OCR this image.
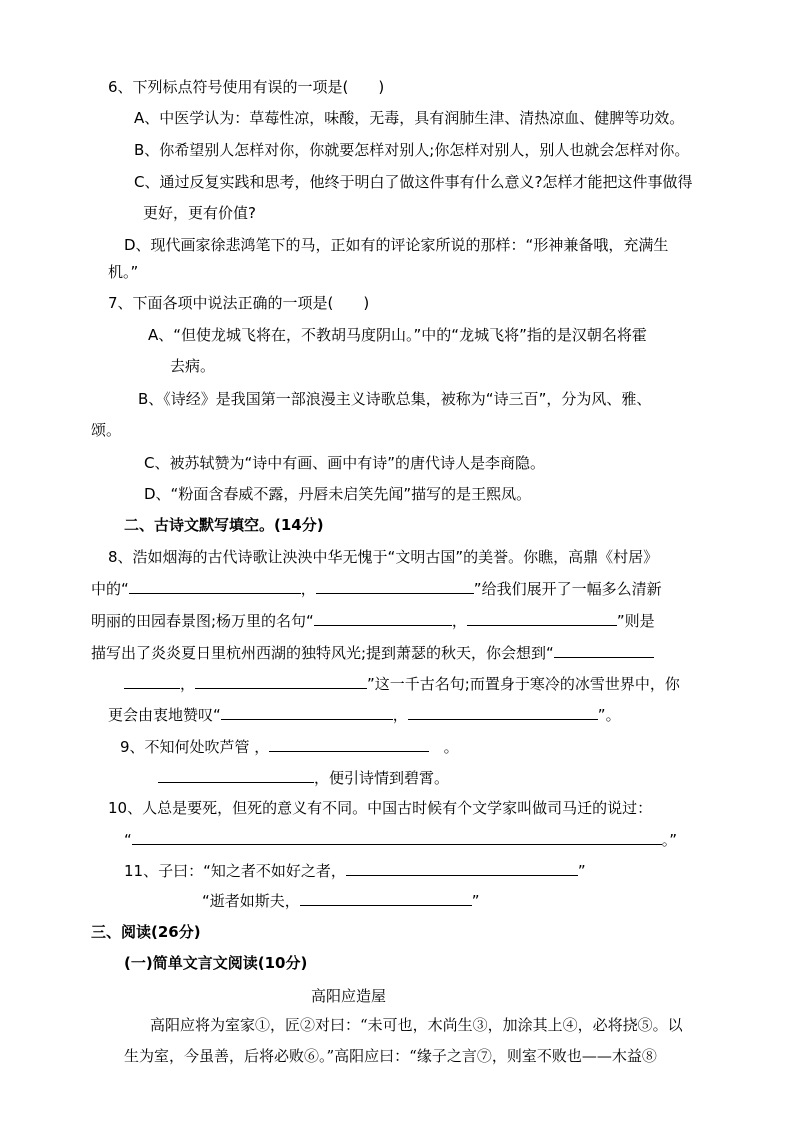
6、下列标点符号使用有误的一项是(　　)
A、中医学认为：草莓性凉，味酸，无毒，具有润肺生津、清热凉血、健脾等功效。
B、你希望别人怎样对你，你就要怎样对别人;你怎样对别人，别人也就会怎样对你。
C、通过反复实践和思考，他终于明白了做这件事有什么意义?怎样才能把这件事做得
更好，更有价值?
D、现代画家徐悲鸿笔下的马，正如有的评论家所说的那样：“形神兼备哦，充满生
机。”
7、下面各项中说法正确的一项是(　　)
A、“但使龙城飞将在，不教胡马度阴山。”中的“龙城飞将”指的是汉朝名将霍
去病。
B、《诗经》是我国第一部浪漫主义诗歌总集，被称为“诗三百”，分为风、雅、
颂。
C、被苏轼赞为“诗中有画、画中有诗”的唐代诗人是李商隐。
D、“粉面含春威不露，丹唇未启笑先闻”描写的是王熙凤。
二、古诗文默写填空。(14分)
8、浩如烟海的古代诗歌让泱泱中华无愧于“文明古国”的美誉。你瞧，高鼎《村居》
中的“	，	”给我们展开了一幅多么清新
明丽的田园春景图;杨万里的名句“	，	”则是
描写出了炎炎夏日里杭州西湖的独特风光;提到萧瑟的秋天，你会想到“
，	”这一千古名句;而置身于寒冷的冰雪世界中，你
更会由衷地赞叹“	，	”。
9、不知何处吹芦管 ，	。
，便引诗情到碧霄。
10、人总是要死，但死的意义有不同。中国古时候有个文学家叫做司马迁的说过：
“	。”
11、子曰：“知之者不如好之者，	”
“逝者如斯夫，	”
三、阅读(26分)
(一)简单文言文阅读(10分)
高阳应造屋
高阳应将为室家①，匠②对曰：“未可也，木尚生③，加涂其上④，必将挠⑤。以
生为室，今虽善，后将必败⑥。”高阳应曰：“缘子之言⑦，则室不败也——木益⑧
